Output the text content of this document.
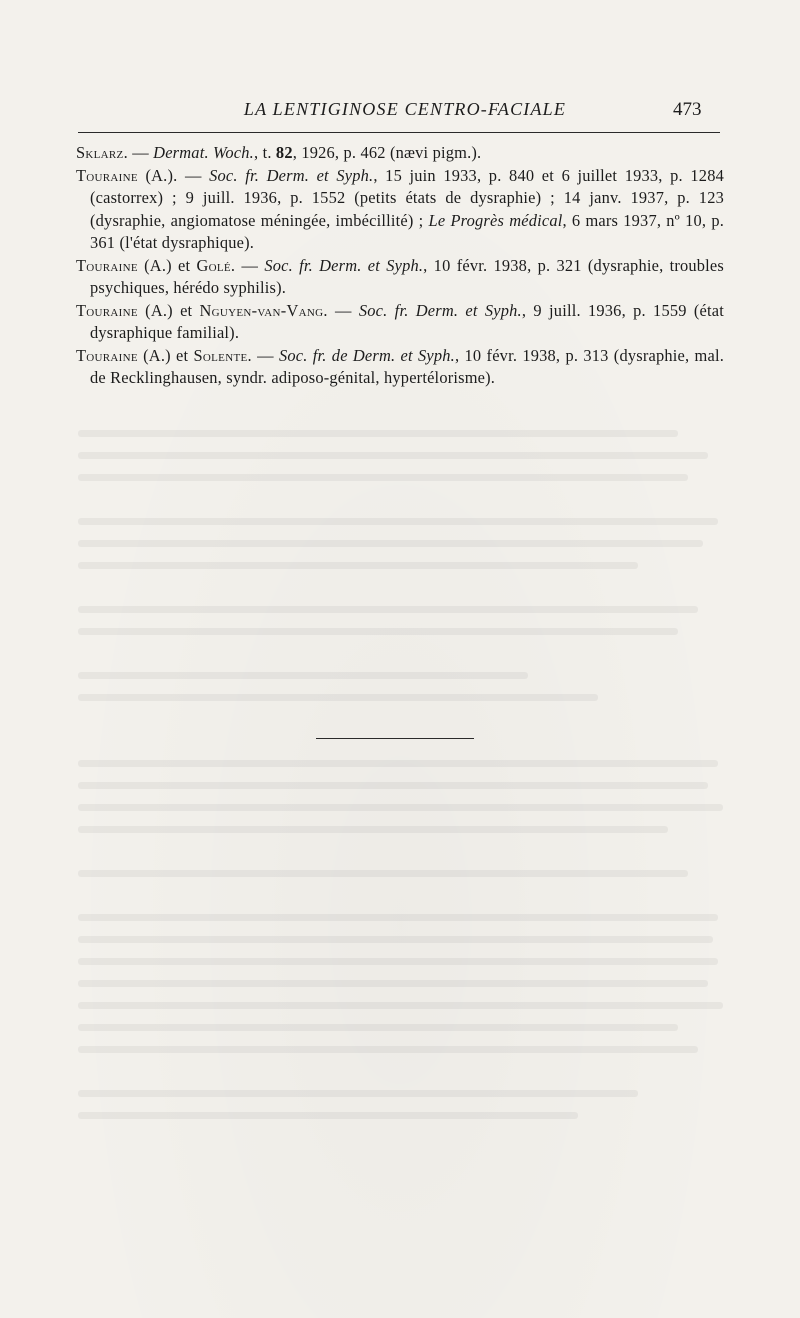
LA LENTIGINOSE CENTRO-FACIALE	473
Sklarz. — Dermat. Woch., t. 82, 1926, p. 462 (nævi pigm.).
Touraine (A.). — Soc. fr. Derm. et Syph., 15 juin 1933, p. 840 et 6 juillet 1933, p. 1284 (castorrex) ; 9 juill. 1936, p. 1552 (petits états de dysraphie) ; 14 janv. 1937, p. 123 (dysraphie, angiomatose méningée, imbécillité) ; Le Progrès médical, 6 mars 1937, nº 10, p. 361 (l'état dysraphique).
Touraine (A.) et Golé. — Soc. fr. Derm. et Syph., 10 févr. 1938, p. 321 (dysraphie, troubles psychiques, hérédo syphilis).
Touraine (A.) et Nguyen-van-Vang. — Soc. fr. Derm. et Syph., 9 juill. 1936, p. 1559 (état dysraphique familial).
Touraine (A.) et Solente. — Soc. fr. de Derm. et Syph., 10 févr. 1938, p. 313 (dysraphie, mal. de Recklinghausen, syndr. adiposo-génital, hypertélorisme).
